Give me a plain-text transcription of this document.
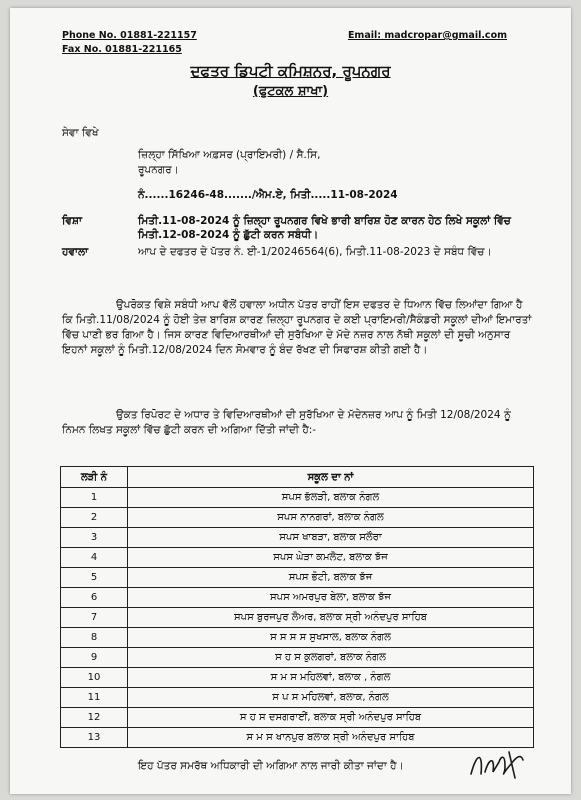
Phone No. 01881-221157
Fax No. 01881-221165
Email: madcropar@gmail.com
ਦਫਤਰ ਡਿਪਟੀ ਕਮਿਸ਼ਨਰ, ਰੂਪਨਗਰ
(ਫੁਟਕਲ ਸ਼ਾਖਾ)
ਸੇਵਾ ਵਿਖੇ
ਜ਼ਿਲ੍ਹਾ ਸਿੱਖਿਆ ਅਫ਼ਸਰ (ਪ੍ਰਾਇਮਰੀ) / ਸੈ.ਸਿ,
ਰੂਪਨਗਰ।
ਨੰ......16246-48......./ਐਮ.ਏ, ਮਿਤੀ.....11-08-2024
ਵਿਸ਼ਾ	ਮਿਤੀ.11-08-2024 ਨੂੰ ਜ਼ਿਲ੍ਹਾ ਰੂਪਨਗਰ ਵਿਖੇ ਭਾਰੀ ਬਾਰਿਸ਼ ਹੋਣ ਕਾਰਨ ਹੇਠ ਲਿਖੇ ਸਕੂਲਾਂ ਵਿੱਚ ਮਿਤੀ.12-08-2024 ਨੂੰ ਛੁੱਟੀ ਕਰਨ ਸਬੰਧੀ।
ਹਵਾਲਾ	ਆਪ ਦੇ ਦਫਤਰ ਦੇ ਪੱਤਰ ਨੰ. ਈ-1/20246564(6), ਮਿਤੀ.11-08-2023 ਦੇ ਸਬੰਧ ਵਿੱਚ।
ਉਪਰੋਕਤ ਵਿਸ਼ੇ ਸਬੰਧੀ ਆਪ ਵੱਲੋਂ ਹਵਾਲਾ ਅਧੀਨ ਪੱਤਰ ਰਾਹੀਂ ਇਸ ਦਫਤਰ ਦੇ ਧਿਆਨ ਵਿੱਚ ਲਿਆਂਦਾ ਗਿਆ ਹੈ ਕਿ ਮਿਤੀ.11/08/2024 ਨੂੰ ਹੋਈ ਤੇਜ਼ ਬਾਰਿਸ਼ ਕਾਰਣ ਜ਼ਿਲ੍ਹਾ ਰੂਪਨਗਰ ਦੇ ਕਈ ਪ੍ਰਾਇਮਰੀ/ਸੈਕੰਡਰੀ ਸਕੂਲਾਂ ਦੀਆਂ ਇਮਾਰਤਾਂ ਵਿੱਚ ਪਾਣੀ ਭਰ ਗਿਆ ਹੈ। ਜਿਸ ਕਾਰਣ ਵਿਦਿਆਰਥੀਆਂ ਦੀ ਸੁਰੱਖਿਆ ਦੇ ਮੱਦੇ ਨਜ਼ਰ ਨਾਲ ਨੱਥੀ ਸਕੂਲਾਂ ਦੀ ਸੂਚੀ ਅਨੁਸਾਰ ਇਹਨਾਂ ਸਕੂਲਾਂ ਨੂੰ ਮਿਤੀ.12/08/2024 ਦਿਨ ਸੋਮਵਾਰ ਨੂੰ ਬੰਦ ਰੱਖਣ ਦੀ ਸਿਫਾਰਸ਼ ਕੀਤੀ ਗਈ ਹੈ।
ਉਕਤ ਰਿਪੋਰਟ ਦੇ ਅਧਾਰ ਤੇ ਵਿਦਿਆਰਥੀਆਂ ਦੀ ਸੁਰੱਖਿਆ ਦੇ ਮੱਦੇਨਜ਼ਰ ਆਪ ਨੂੰ ਮਿਤੀ 12/08/2024 ਨੂੰ ਨਿਮਨ ਲਿਖਤ ਸਕੂਲਾਂ ਵਿੱਚ ਛੁੱਟੀ ਕਰਨ ਦੀ ਅਗਿਆ ਦਿੱਤੀ ਜਾਂਦੀ ਹੈ:-
ਲੜੀ ਨੰ	ਸਕੂਲ ਦਾ ਨਾਂ
1	ਸਪਸ ਭੱਲੜੀ, ਬਲਾਕ ਨੰਗਲ
2	ਸਪਸ ਨਾਨਗਰਾਂ, ਬਲਾਕ ਨੰਗਲ
3	ਸਪਸ ਖਾਬੜਾ, ਬਲਾਕ ਸਲੌਰਾ
4	ਸਪਸ ਘੇੜਾ ਕਮਲੋਟ, ਬਲਾਕ ਝੱਜ
5	ਸਪਸ ਭੋਟੀ, ਬਲਾਕ ਝੱਜ
6	ਸਪਸ ਅਮਰਪੁਰ ਬੇਲਾ, ਬਲਾਕ ਝੱਜ
7	ਸਪਸ ਬੁਰਜਪੁਰ ਲੋਅਰ, ਬਲਾਕ ਸ੍ਰੀ ਅਨੰਦਪੁਰ ਸਾਹਿਬ
8	ਸ ਸ ਸ ਸ ਸੁਖਸਾਲ, ਬਲਾਕ ਨੰਗਲ
9	ਸ ਹ ਸ ਕੁਲਗਰਾਂ, ਬਲਾਕ ਨੰਗਲ
10	ਸ ਮ ਸ ਮਹਿਲਵਾਂ, ਬਲਾਕ , ਨੰਗਲ
11	ਸ ਪ ਸ ਮਹਿਲਵਾਂ, ਬਲਾਕ, ਨੰਗਲ
12	ਸ ਹ ਸ ਦਸਗਰਾਈਂ, ਬਲਾਕ ਸ੍ਰੀ ਅਨੰਦਪੁਰ ਸਾਹਿਬ
13	ਸ ਮ ਸ ਖਾਨਪੁਰ ਬਲਾਕ ਸ੍ਰੀ ਅਨੰਦਪੁਰ ਸਾਹਿਬ
ਇਹ ਪੱਤਰ ਸਮਰੱਥ ਅਧਿਕਾਰੀ ਦੀ ਅਗਿਆ ਨਾਲ ਜਾਰੀ ਕੀਤਾ ਜਾਂਦਾ ਹੈ।
